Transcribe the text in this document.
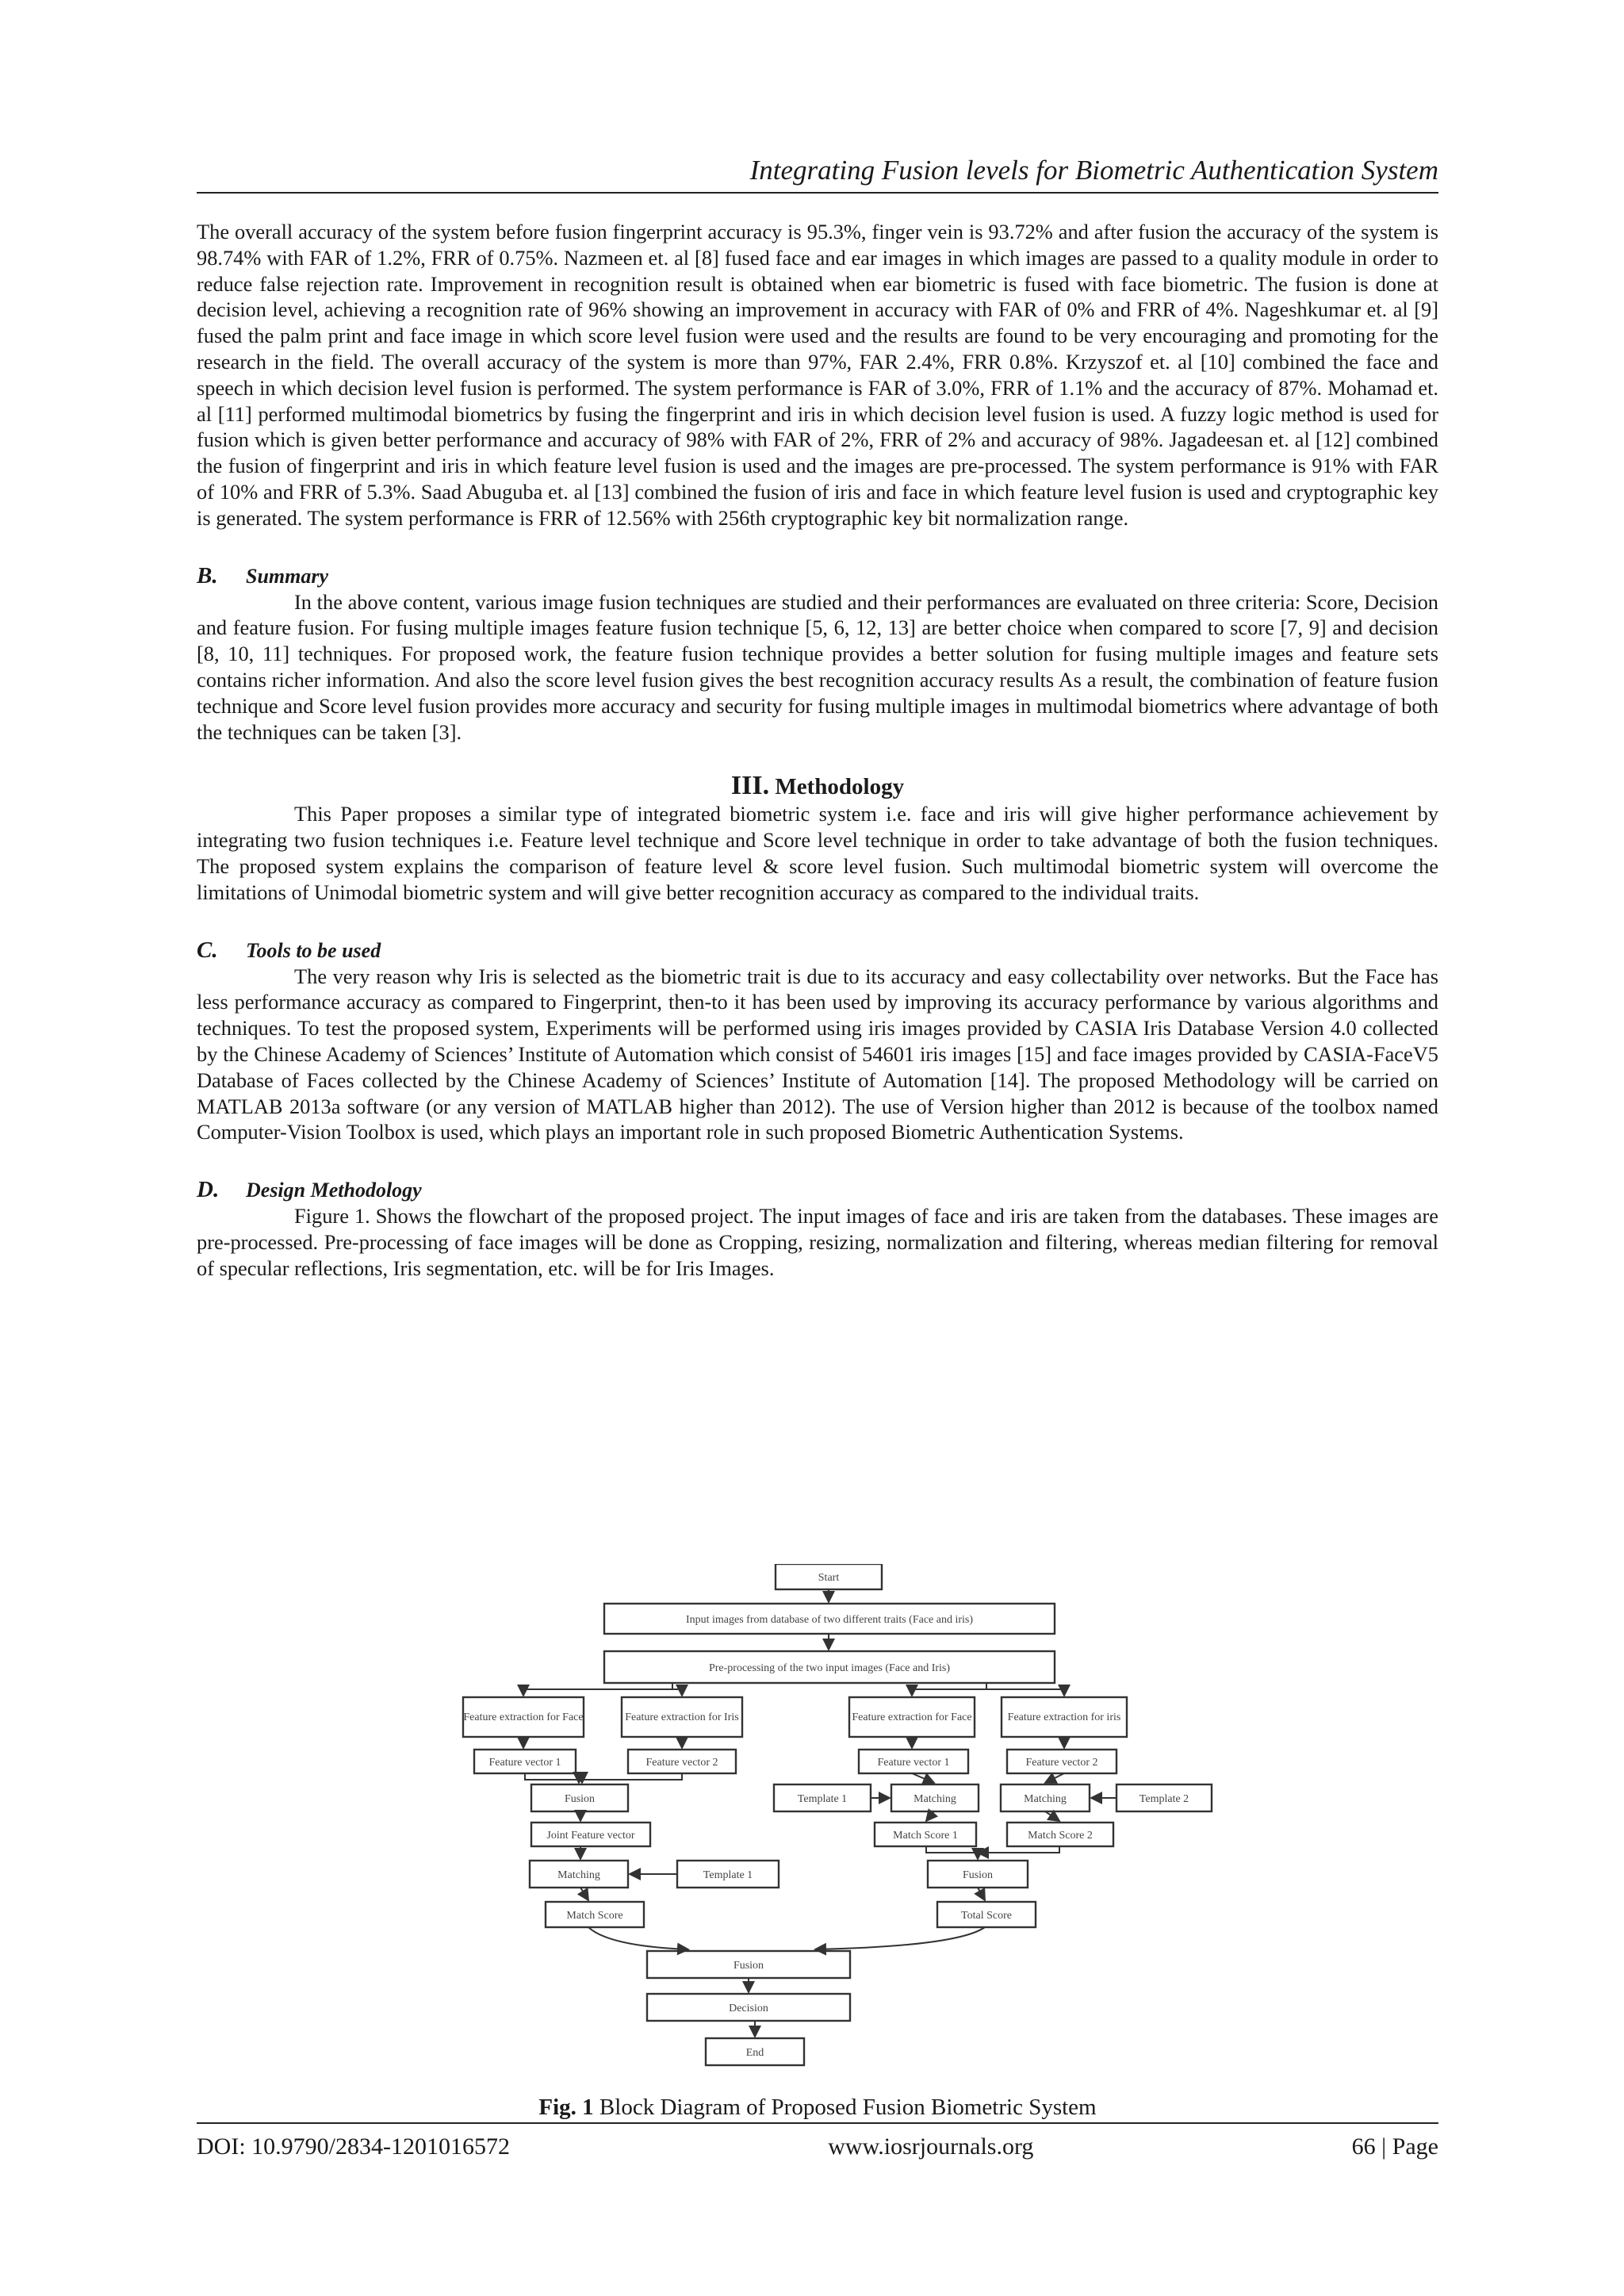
Integrating Fusion levels for Biometric Authentication System

The overall accuracy of the system before fusion fingerprint accuracy is 95.3%, finger vein is 93.72% and after fusion the accuracy of the system is 98.74% with FAR of 1.2%, FRR of 0.75%. Nazmeen et. al [8] fused face and ear images in which images are passed to a quality module in order to reduce false rejection rate. Improvement in recognition result is obtained when ear biometric is fused with face biometric. The fusion is done at decision level, achieving a recognition rate of 96% showing an improvement in accuracy with FAR of 0% and FRR of 4%. Nageshkumar et. al [9] fused the palm print and face image in which score level fusion were used and the results are found to be very encouraging and promoting for the research in the field. The overall accuracy of the system is more than 97%, FAR 2.4%, FRR 0.8%. Krzyszof et. al [10] combined the face and speech in which decision level fusion is performed. The system performance is FAR of 3.0%, FRR of 1.1% and the accuracy of 87%. Mohamad et. al [11] performed multimodal biometrics by fusing the fingerprint and iris in which decision level fusion is used. A fuzzy logic method is used for fusion which is given better performance and accuracy of 98% with FAR of 2%, FRR of 2% and accuracy of 98%. Jagadeesan et. al [12] combined the fusion of fingerprint and iris in which feature level fusion is used and the images are pre-processed. The system performance is 91% with FAR of 10% and FRR of 5.3%. Saad Abuguba et. al [13] combined the fusion of iris and face in which feature level fusion is used and cryptographic key is generated. The system performance is FRR of 12.56% with 256th cryptographic key bit normalization range.

B. Summary

In the above content, various image fusion techniques are studied and their performances are evaluated on three criteria: Score, Decision and feature fusion. For fusing multiple images feature fusion technique [5, 6, 12, 13] are better choice when compared to score [7, 9] and decision [8, 10, 11] techniques. For proposed work, the feature fusion technique provides a better solution for fusing multiple images and feature sets contains richer information. And also the score level fusion gives the best recognition accuracy results As a result, the combination of feature fusion technique and Score level fusion provides more accuracy and security for fusing multiple images in multimodal biometrics where advantage of both the techniques can be taken [3].

III. Methodology

This Paper proposes a similar type of integrated biometric system i.e. face and iris will give higher performance achievement by integrating two fusion techniques i.e. Feature level technique and Score level technique in order to take advantage of both the fusion techniques. The proposed system explains the comparison of feature level & score level fusion. Such multimodal biometric system will overcome the limitations of Unimodal biometric system and will give better recognition accuracy as compared to the individual traits.

C. Tools to be used

The very reason why Iris is selected as the biometric trait is due to its accuracy and easy collectability over networks. But the Face has less performance accuracy as compared to Fingerprint, then-to it has been used by improving its accuracy performance by various algorithms and techniques. To test the proposed system, Experiments will be performed using iris images provided by CASIA Iris Database Version 4.0 collected by the Chinese Academy of Sciences’ Institute of Automation which consist of 54601 iris images [15] and face images provided by CASIA-FaceV5 Database of Faces collected by the Chinese Academy of Sciences’ Institute of Automation [14]. The proposed Methodology will be carried on MATLAB 2013a software (or any version of MATLAB higher than 2012). The use of Version higher than 2012 is because of the toolbox named Computer-Vision Toolbox is used, which plays an important role in such proposed Biometric Authentication Systems.

D. Design Methodology

Figure 1. Shows the flowchart of the proposed project. The input images of face and iris are taken from the databases. These images are pre-processed. Pre-processing of face images will be done as Cropping, resizing, normalization and filtering, whereas median filtering for removal of specular reflections, Iris segmentation, etc. will be for Iris Images.

Start
Input images from database of two different traits (Face and iris)
Pre-processing of the two input images (Face and Iris)
Feature extraction for Face	Feature extraction for Iris	Feature extraction for Face	Feature extraction for iris
Feature vector 1	Feature vector 2	Feature vector 1	Feature vector 2
Fusion	Template 1	Matching	Matching	Template 2
Joint Feature vector	Match Score 1	Match Score 2
Matching	Template 1	Fusion
Match Score	Total Score
Fusion
Decision
End
Fig. 1 Block Diagram of Proposed Fusion Biometric System
DOI: 10.9790/2834-1201016572	www.iosrjournals.org	66 | Page
